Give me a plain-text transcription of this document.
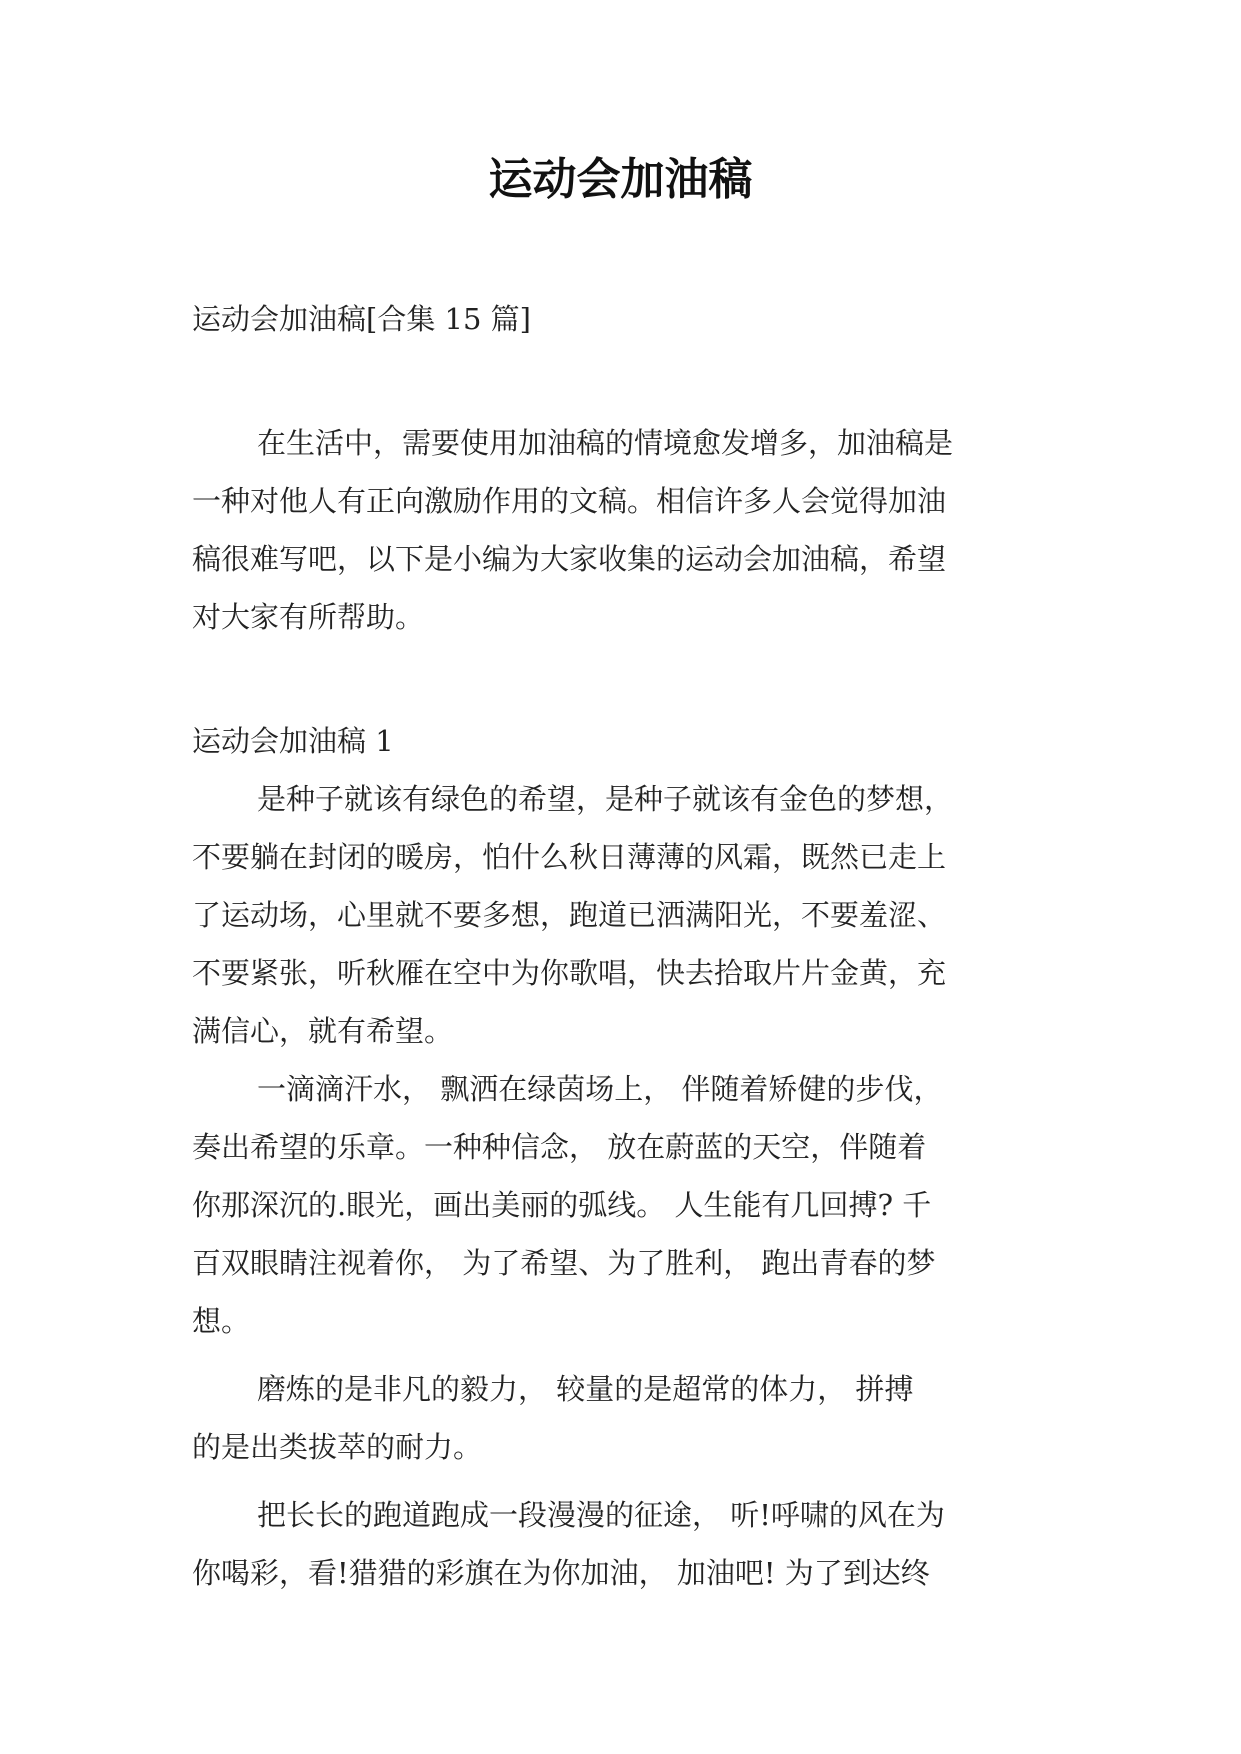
运动会加油稿
运动会加油稿[合集 15 篇]
在生活中，需要使用加油稿的情境愈发增多，加油稿是
一种对他人有正向激励作用的文稿。相信许多人会觉得加油
稿很难写吧，以下是小编为大家收集的运动会加油稿，希望
对大家有所帮助。
运动会加油稿 1
是种子就该有绿色的希望，是种子就该有金色的梦想，
不要躺在封闭的暖房，怕什么秋日薄薄的风霜，既然已走上
了运动场，心里就不要多想，跑道已洒满阳光，不要羞涩、
不要紧张，听秋雁在空中为你歌唱，快去拾取片片金黄，充
满信心，就有希望。
一滴滴汗水， 飘洒在绿茵场上， 伴随着矫健的步伐，
奏出希望的乐章。一种种信念， 放在蔚蓝的天空，伴随着
你那深沉的.眼光，画出美丽的弧线。 人生能有几回搏? 千
百双眼睛注视着你， 为了希望、为了胜利， 跑出青春的梦
想。
磨炼的是非凡的毅力， 较量的是超常的体力， 拼搏
的是出类拔萃的耐力。
把长长的跑道跑成一段漫漫的征途， 听!呼啸的风在为
你喝彩，看!猎猎的彩旗在为你加油， 加油吧! 为了到达终
